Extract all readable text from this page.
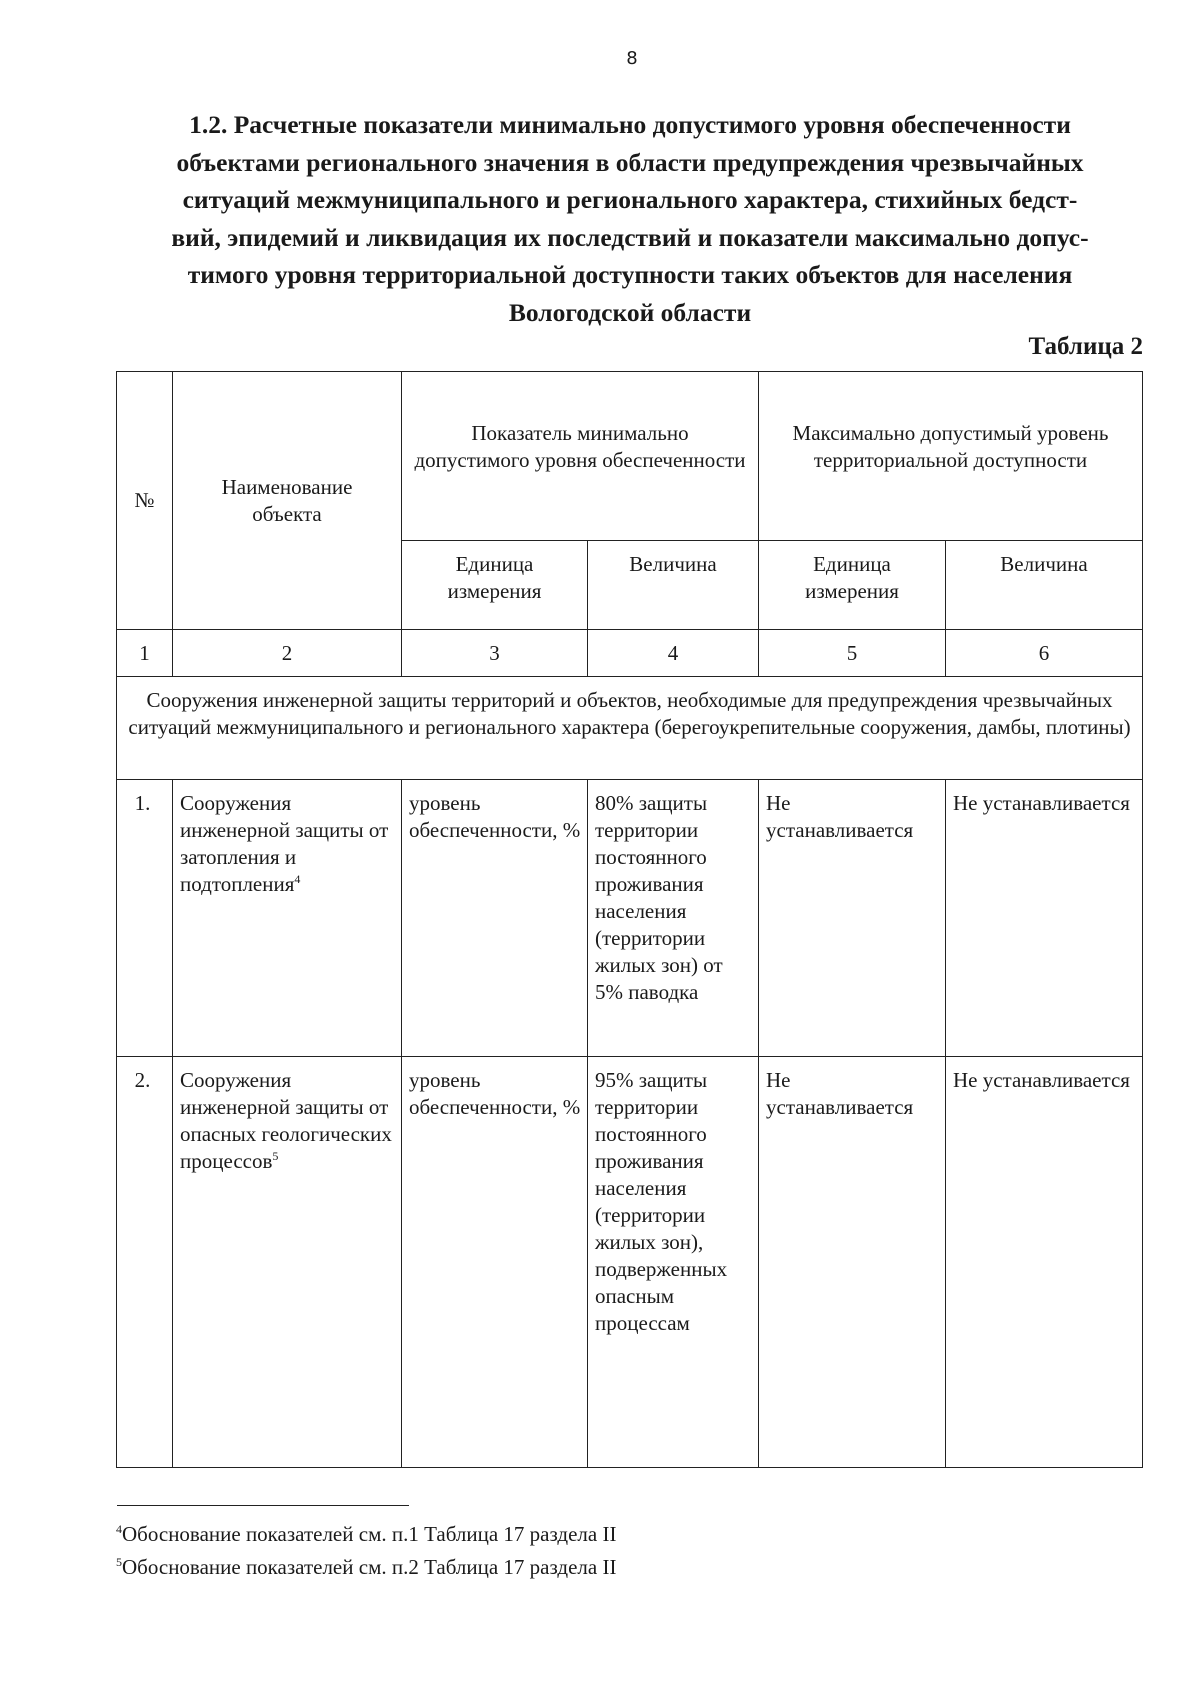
8
1.2. Расчетные показатели минимально допустимого уровня обеспеченности
объектами регионального значения в области предупреждения чрезвычайных
ситуаций межмуниципального и регионального характера, стихийных бедст-
вий, эпидемий и ликвидация их последствий и показатели максимально допус-
тимого уровня территориальной доступности таких объектов для населения
Вологодской области
Таблица 2
№	Наименование объекта	Показатель минимально допустимого уровня обеспеченности		Максимально допустимый уровень территориальной доступности	
		Единица измерения	Величина	Единица измерения	Величина
1	2	3	4	5	6
Сооружения инженерной защиты территорий и объектов, необходимые для предупреждения чрезвычайных ситуаций межмуниципального и регионального характера (берегоукрепительные сооружения, дамбы, плотины)					
1.	Сооружения инженерной защиты от затопления и подтопления$^4$	уровень обеспеченности, %	80% защиты территории постоянного проживания населения (территории жилых зон) от 5% паводка	Не устанавливается	Не устанавливается
2.	Сооружения инженерной защиты от опасных геологических процессов$^5$	уровень обеспеченности, %	95% защиты территории постоянного проживания населения (территории жилых зон), подверженных опасным процессам	Не устанавливается	Не устанавливается
$^4$Обоснование показателей см. п.1 Таблица 17 раздела II
$^5$Обоснование показателей см. п.2 Таблица 17 раздела II
